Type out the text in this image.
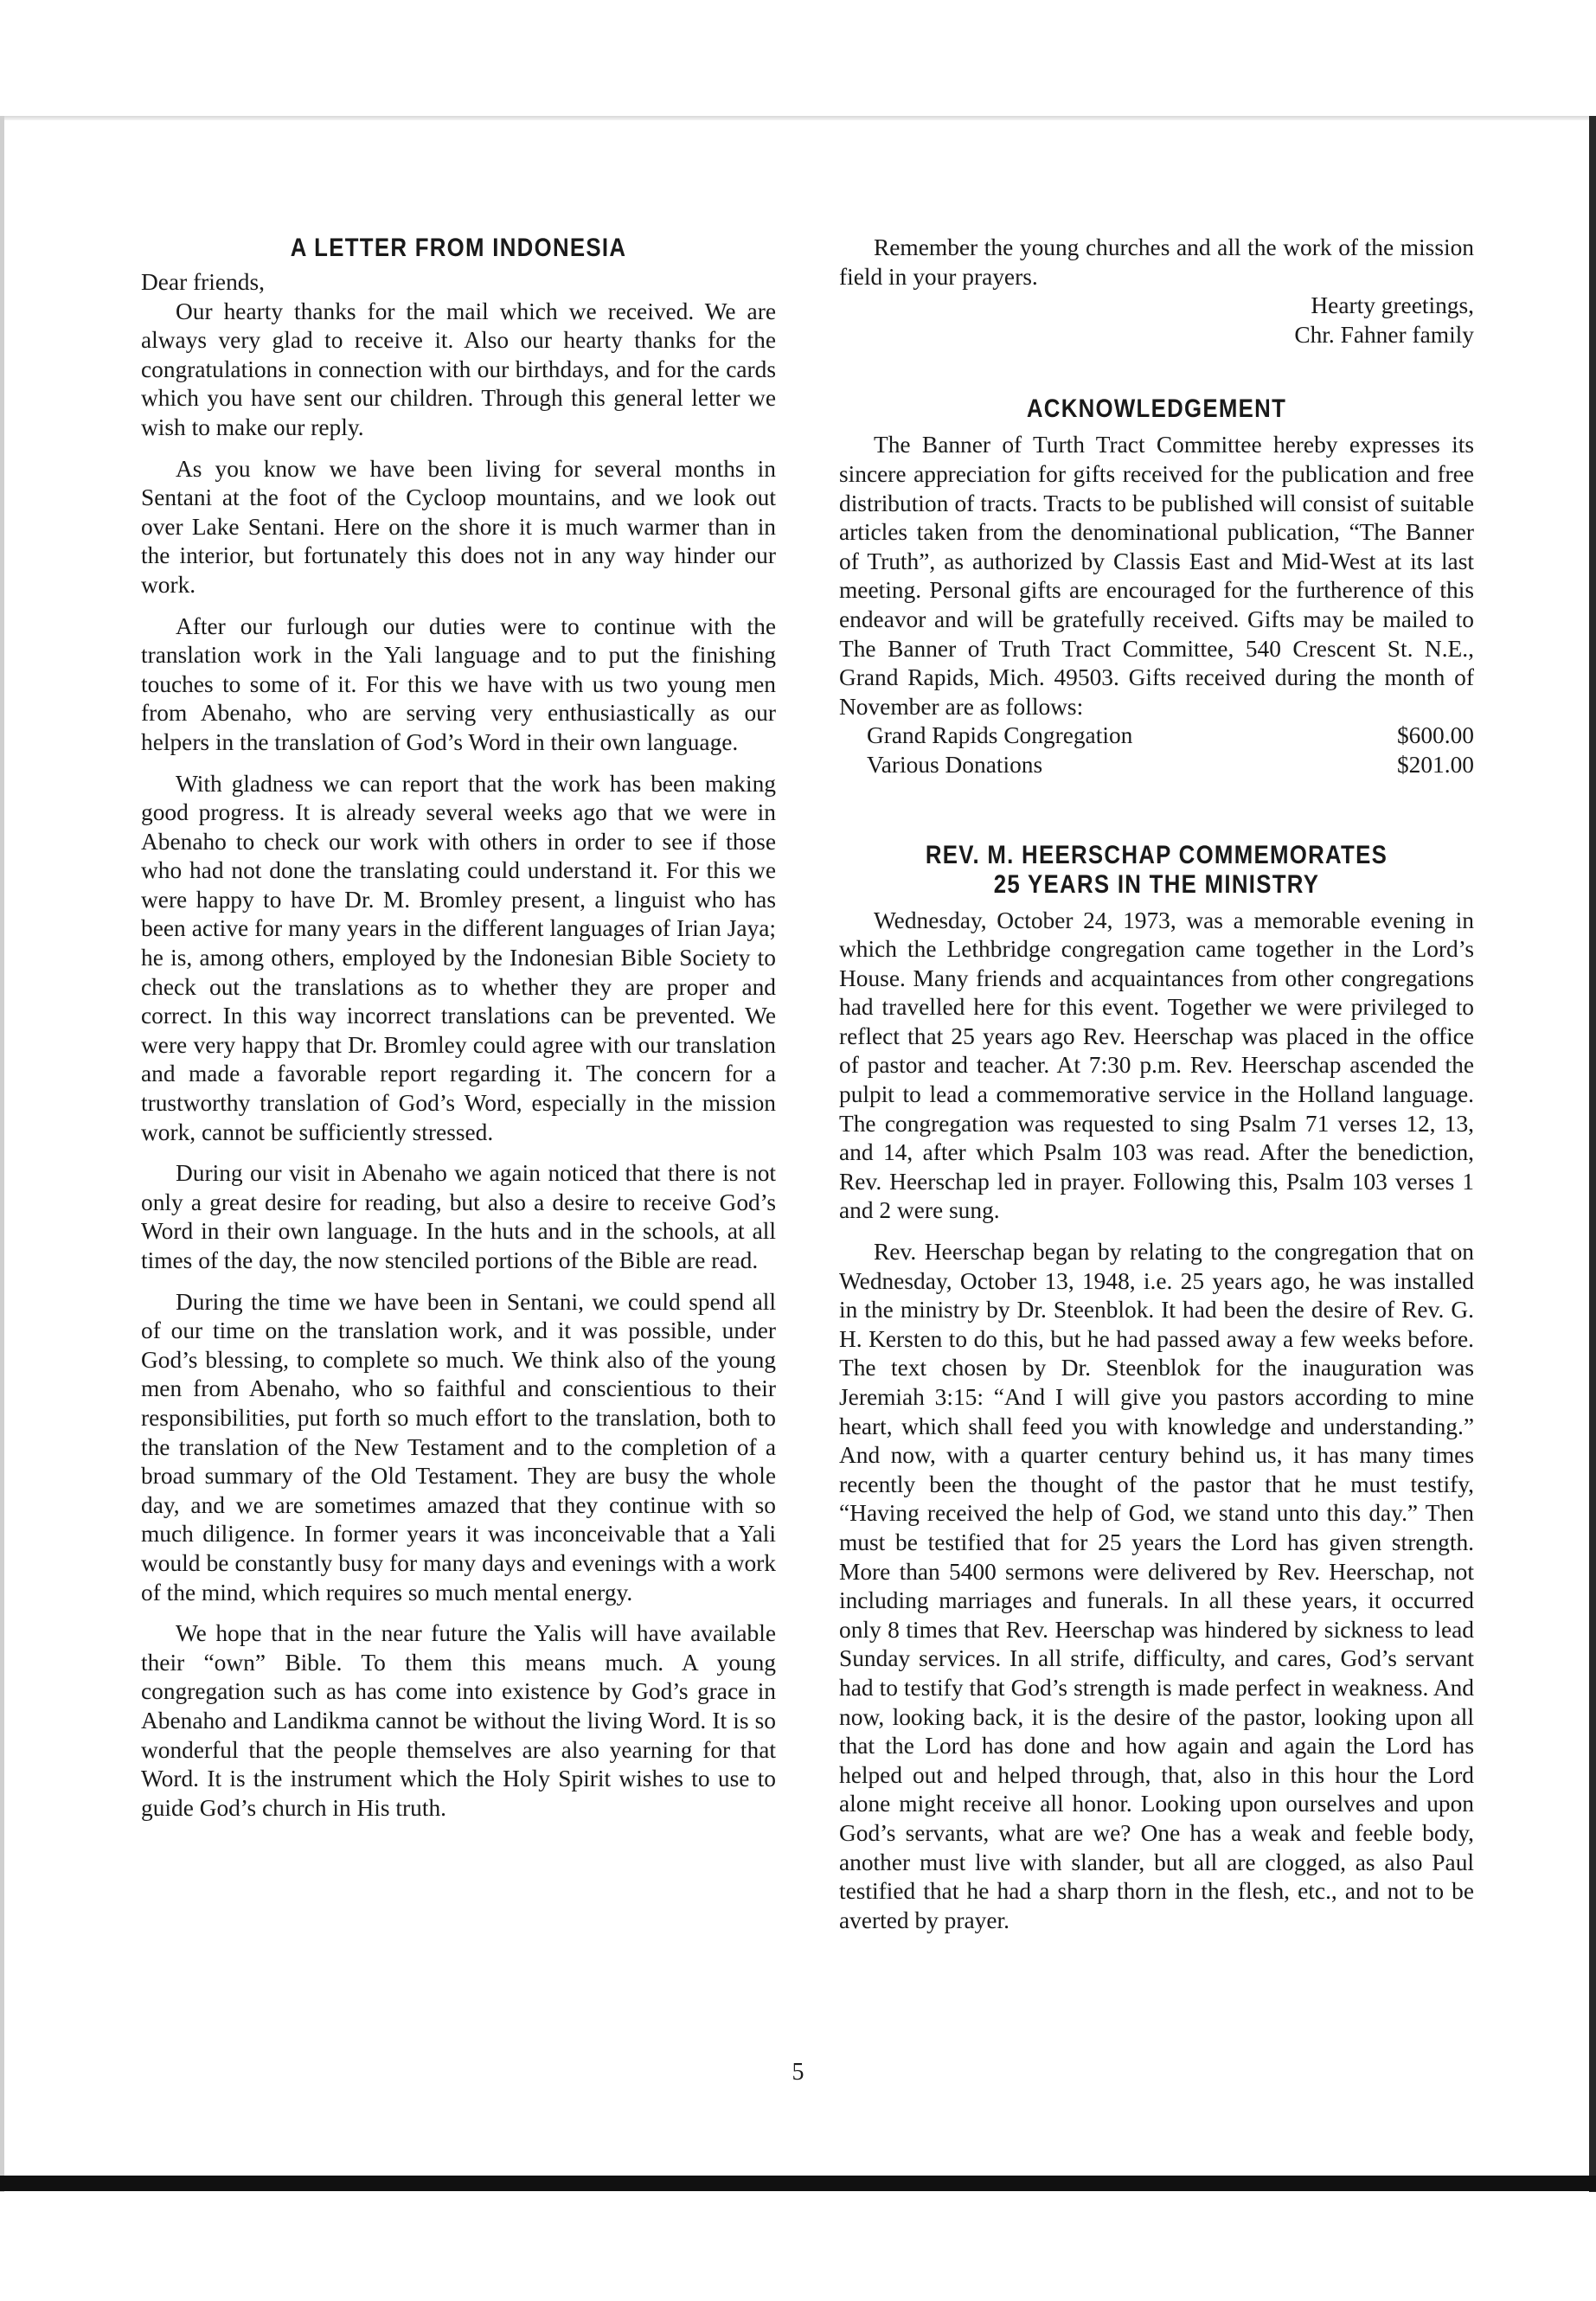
A LETTER FROM INDONESIA
Dear friends,

Our hearty thanks for the mail which we received. We are always very glad to receive it. Also our hearty thanks for the congratulations in connection with our birthdays, and for the cards which you have sent our children. Through this general letter we wish to make our reply.

As you know we have been living for several months in Sentani at the foot of the Cycloop mountains, and we look out over Lake Sentani. Here on the shore it is much warmer than in the interior, but fortunately this does not in any way hinder our work.

After our furlough our duties were to continue with the translation work in the Yali language and to put the finishing touches to some of it. For this we have with us two young men from Abenaho, who are serving very enthusiastically as our helpers in the translation of God’s Word in their own language.

With gladness we can report that the work has been making good progress. It is already several weeks ago that we were in Abenaho to check our work with others in order to see if those who had not done the translating could understand it. For this we were happy to have Dr. M. Bromley present, a linguist who has been active for many years in the different languages of Irian Jaya; he is, among others, employed by the Indonesian Bible Society to check out the translations as to whether they are proper and correct. In this way incorrect translations can be prevented. We were very happy that Dr. Bromley could agree with our translation and made a favorable report regarding it. The concern for a trustworthy translation of God’s Word, especially in the mission work, cannot be sufficiently stressed.

During our visit in Abenaho we again noticed that there is not only a great desire for reading, but also a desire to receive God’s Word in their own language. In the huts and in the schools, at all times of the day, the now stenciled portions of the Bible are read.

During the time we have been in Sentani, we could spend all of our time on the translation work, and it was possible, under God’s blessing, to complete so much. We think also of the young men from Abenaho, who so faithful and conscientious to their responsibilities, put forth so much effort to the translation, both to the translation of the New Testament and to the completion of a broad summary of the Old Testament. They are busy the whole day, and we are sometimes amazed that they continue with so much diligence. In former years it was inconceivable that a Yali would be constantly busy for many days and evenings with a work of the mind, which requires so much mental energy.

We hope that in the near future the Yalis will have available their “own” Bible. To them this means much. A young congregation such as has come into existence by God’s grace in Abenaho and Landikma cannot be without the living Word. It is so wonderful that the people themselves are also yearning for that Word. It is the instrument which the Holy Spirit wishes to use to guide God’s church in His truth.

Remember the young churches and all the work of the mission field in your prayers.

Hearty greetings,
Chr. Fahner family
ACKNOWLEDGEMENT

The Banner of Turth Tract Committee hereby expresses its sincere appreciation for gifts received for the publication and free distribution of tracts. Tracts to be published will consist of suitable articles taken from the denominational publication, “The Banner of Truth”, as authorized by Classis East and Mid-West at its last meeting. Personal gifts are encouraged for the furtherence of this endeavor and will be gratefully received. Gifts may be mailed to The Banner of Truth Tract Committee, 540 Crescent St. N.E., Grand Rapids, Mich. 49503. Gifts received during the month of November are as follows:

Grand Rapids Congregation	$600.00
Various Donations	$201.00
REV. M. HEERSCHAP COMMEMORATES
25 YEARS IN THE MINISTRY

Wednesday, October 24, 1973, was a memorable evening in which the Lethbridge congregation came together in the Lord’s House. Many friends and acquaintances from other congregations had travelled here for this event. Together we were privileged to reflect that 25 years ago Rev. Heerschap was placed in the office of pastor and teacher. At 7:30 p.m. Rev. Heerschap ascended the pulpit to lead a commemorative service in the Holland language. The congregation was requested to sing Psalm 71 verses 12, 13, and 14, after which Psalm 103 was read. After the benediction, Rev. Heerschap led in prayer. Following this, Psalm 103 verses 1 and 2 were sung.

Rev. Heerschap began by relating to the congregation that on Wednesday, October 13, 1948, i.e. 25 years ago, he was installed in the ministry by Dr. Steenblok. It had been the desire of Rev. G. H. Kersten to do this, but he had passed away a few weeks before. The text chosen by Dr. Steenblok for the inauguration was Jeremiah 3:15: “And I will give you pastors according to mine heart, which shall feed you with knowledge and understanding.” And now, with a quarter century behind us, it has many times recently been the thought of the pastor that he must testify, “Having received the help of God, we stand unto this day.” Then must be testified that for 25 years the Lord has given strength. More than 5400 sermons were delivered by Rev. Heerschap, not including marriages and funerals. In all these years, it occurred only 8 times that Rev. Heerschap was hindered by sickness to lead Sunday services. In all strife, difficulty, and cares, God’s servant had to testify that God’s strength is made perfect in weakness. And now, looking back, it is the desire of the pastor, looking upon all that the Lord has done and how again and again the Lord has helped out and helped through, that, also in this hour the Lord alone might receive all honor. Looking upon ourselves and upon God’s servants, what are we? One has a weak and feeble body, another must live with slander, but all are clogged, as also Paul testified that he had a sharp thorn in the flesh, etc., and not to be averted by prayer.

5
